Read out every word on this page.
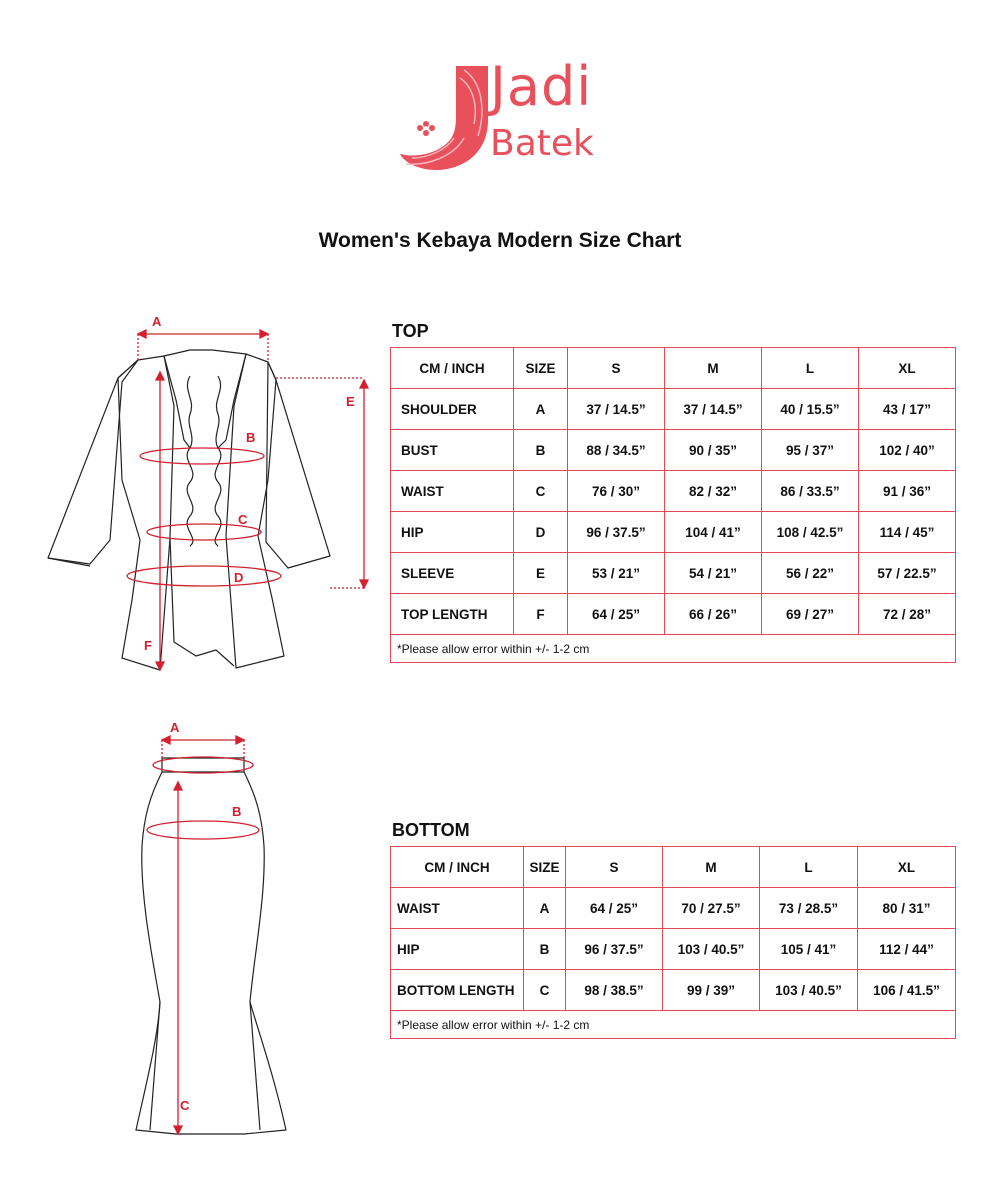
Jadi
Batek
Women's Kebaya Modern Size Chart
A
B
C
D
E
F
A
B
C
TOP
CM / INCH	SIZE	S	M	L	XL
SHOULDER	A	37 / 14.5”	37 / 14.5”	40 / 15.5”	43 / 17”
BUST	B	88 / 34.5”	90 / 35”	95 / 37”	102 / 40”
WAIST	C	76 / 30”	82 / 32”	86 / 33.5”	91 / 36”
HIP	D	96 / 37.5”	104 / 41”	108 / 42.5”	114 / 45”
SLEEVE	E	53 / 21”	54 / 21”	56 / 22”	57 / 22.5”
TOP LENGTH	F	64 / 25”	66 / 26”	69 / 27”	72 / 28”
*Please allow error within +/- 1-2 cm					
BOTTOM
CM / INCH	SIZE	S	M	L	XL
WAIST	A	64 / 25”	70 / 27.5”	73 / 28.5”	80 / 31”
HIP	B	96 / 37.5”	103 / 40.5”	105 / 41”	112 / 44”
BOTTOM LENGTH	C	98 / 38.5”	99 / 39”	103 / 40.5”	106 / 41.5”
*Please allow error within +/- 1-2 cm					
